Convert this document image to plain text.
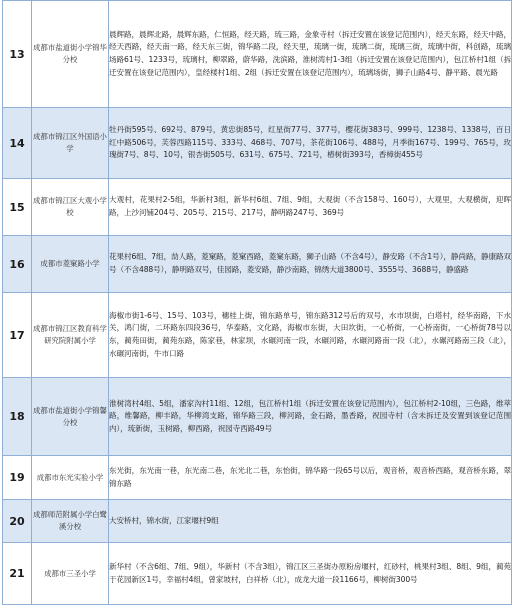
13	成都市盐道街小学锦华分校	晨辉路，晨辉北路，晨辉东路，仁恒路，经天路，琉三路，金象寺村（拆迁安置在该登记范围内），经天东路，经天中路，经天西路，经天南一路，经天东三街，锦华路二段，经天里，琉璃一街，琉璃二街，琉璃三街，琉璃中街，科创路，琉璃场路61号、1233号，琉璃村，柳翠路，蔚华路，洗滨路，淮树湾村1-3组（拆迁安置在该登记范围内），包江桥村1组（拆迁安置在该登记范围内），皇经楼村1组、2组（拆迁安置在该登记范围内），琉璃场街，狮子山路4号、静平路、晨光路
14	成都市锦江区外国语小学	牡丹街595号、692号、879号，黄忠街85号，红星街77号、377号，樱花街383号、999号、1238号、1338号，百日红中路506号，芙蓉西路115号、333号、468号、707号，茶花街106号、488号，月季街167号、199号、765号，玫瑰街7号、8号、10号，银杏街505号、631号、675号、721号，椿树街393号，香樟街455号
15	成都市锦江区大观小学校	大观村，花果村2-5组，华新村3组，新华村6组、7组、9组，大观街（不含158号、160号），大观里，大观横街，迎晖路，上沙河铺204号、205号、215号、217号，静明路247号、369号
16	成都市菱窠路小学	花果村6组、7组，劼人路，菱窠路，菱窠西路，菱窠东路，狮子山路（不含4号），静安路（不含1号），静尚路，静康路双号（不含488号），静明路双号，佳园路，菱安路，静沙南路，锦绣大道3800号、3555号、3688号，静盛路
17	成都市锦江区教育科学研究院附属小学	海椒市街1-6号、15号、103号，穗桂上街，锦东路单号，锦东路312号后的双号，水市坝街，白塔村，经华南路，下水关，鸿门街，二环路东四段36号，华泰路，文化路，海椒市东街，大田坎街，一心桥街，一心桥南街，一心桥街78号以东，蔺苑田街，蔺苑东路，陈家巷，林家坝，水碾河南一段，水碾河路，水碾河路南一段（北），水碾河路南三段（北），水碾河南街，牛市口路
18	成都市盐道街小学锦馨分校	淮树湾村4组、5组，潘家沟村11组、12组，包江桥村1组（拆迁安置在该登记范围内），包江桥村2-10组，三色路，维萃路，维馨路，柳丰路，华柳湾支路，锦华路三段，柳河路，金石路，墨香路，祝园寺村（含未拆迁及安置到该登记范围内），琉新街，玉树路，柳西路，祝园寺西路49号
19	成都市东光实验小学	东光街，东光南一巷，东光南二巷，东光北二巷，东怡街，锦华路一段65号以后，观音桥，观音桥西路，观音桥东路，翠锦东路
20	成都师范附属小学白鹭溪分校	大安桥村，锦水街，江家堰村9组
21	成都市三圣小学	新华村（不含6组、7组、9组），华新村（不含3组），锦江区三圣街办原粉房堰村，红砂村，桃果村3组、8组、9组，蔺苑于花园新区1号，幸福村4组，曾家坡村，白祥桥（北），成龙大道一段1166号，柳树街300号
